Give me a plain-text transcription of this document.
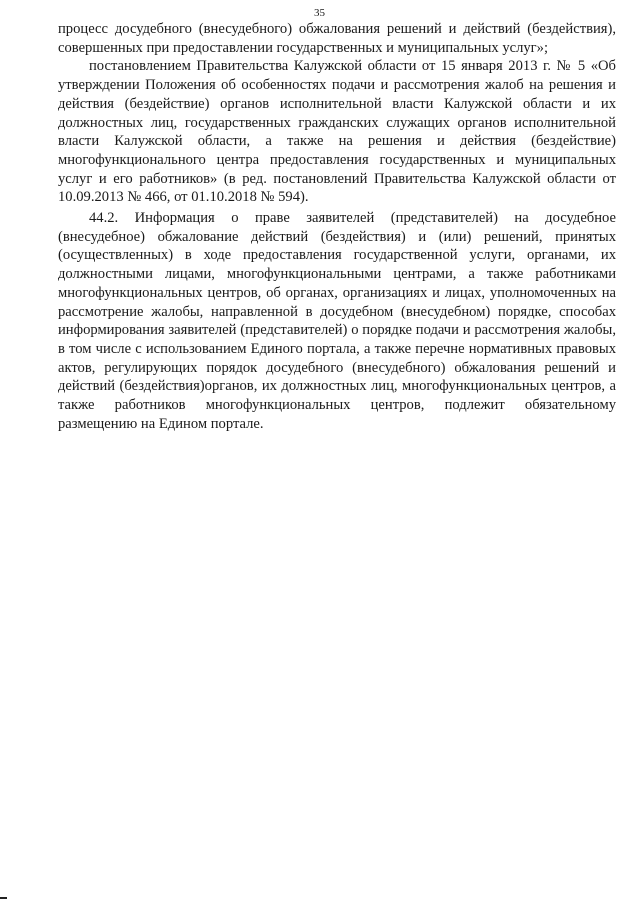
35

процесс досудебного (внесудебного) обжалования решений и действий (бездействия), совершенных при предоставлении государственных и муниципальных услуг»;

постановлением Правительства Калужской области от 15 января 2013 г. № 5 «Об утверждении Положения об особенностях подачи и рассмотрения жалоб на решения и действия (бездействие) органов исполнительной власти Калужской области и их должностных лиц, государственных гражданских служащих органов исполнительной власти Калужской области, а также на решения и действия (бездействие) многофункционального центра предоставления государственных и муниципальных услуг и его работников» (в ред. постановлений Правительства Калужской области от 10.09.2013 № 466, от 01.10.2018 № 594).

44.2. Информация о праве заявителей (представителей) на досудебное (внесудебное) обжалование действий (бездействия) и (или) решений, принятых (осуществленных) в ходе предоставления государственной услуги, органами, их должностными лицами, многофункциональными центрами, а также работниками многофункциональных центров, об органах, организациях и лицах, уполномоченных на рассмотрение жалобы, направленной в досудебном (внесудебном) порядке, способах информирования заявителей (представителей) о порядке подачи и рассмотрения жалобы, в том числе с использованием Единого портала, а также перечне нормативных правовых актов, регулирующих порядок досудебного (внесудебного) обжалования решений и действий (бездействия)органов, их должностных лиц, многофункциональных центров, а также работников многофункциональных центров, подлежит обязательному размещению на Едином портале.
